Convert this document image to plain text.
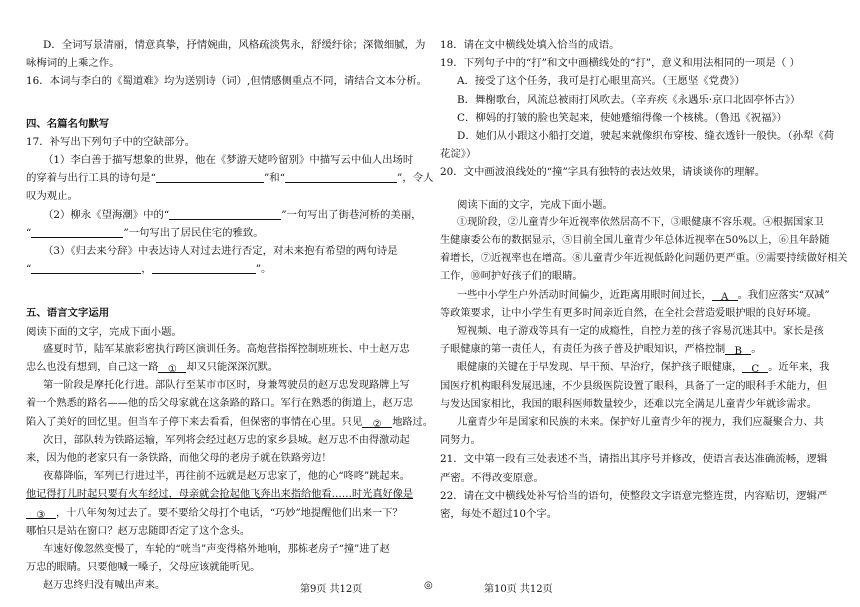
D．全词写景清丽，情意真挚，抒情婉曲，风格疏淡隽永，舒缓纡徐；深微细腻，为
咏梅词的上乘之作。
16．本词与李白的《蜀道难》均为送别诗（词）,但情感侧重点不同，请结合文本分析。
四、名篇名句默写
17．补写出下列句子中的空缺部分。
（1）李白善于描写想象的世界，他在《梦游天姥吟留别》中描写云中仙人出场时
的穿着与出行工具的诗句是“	”和“	”，令人
叹为观止。
（2）柳永《望海潮》中的“	”一句写出了街巷河桥的美丽，
“	”一句写出了居民住宅的雅致。
（3）《归去来兮辞》中表达诗人对过去进行否定，对未来抱有希望的两句诗是
“	，	”。
五、语言文字运用
阅读下面的文字，完成下面小题。
盛夏时节，陆军某旅彩密执行跨区演训任务。高炮营指挥控制班班长、中士赵万忠
忠么也没有想到，自己这一路 ① 却又只能深深沉默。
第一阶段是摩托化行进。部队行至某市市区时，身兼驾驶员的赵万忠发现路牌上写
着一个熟悉的路名——他的岳父母家就在这条路的路口。军行在熟悉的街道上，赵万忠
陷入了美好的回忆里。但当车子停下来去看看，但保密的事情在心里。只见 ② 地路过。
次日，部队转为铁路运输，军列将会经过赵万忠的家乡县城。赵万忠不由得激动起
来，因为他的老家只有一条铁路，而他父母的老房子就在铁路旁边！
夜幕降临，军列已行进过半，再往前不远就是赵万忠家了，他的心“咚咚”跳起来。
他记得打儿时起只要有火车经过，母亲就会抢起他飞奔出来指给他看……时光真好像是
③ ，十八年匆匆过去了。要不要给父母打个电话，“巧妙”地提醒他们出来一下？
哪怕只是站在窗口？赵万忠随即否定了这个念头。
车速好像忽然变慢了，车轮的“咣当”声变得格外地响，那栋老房子“撞”进了赵
万忠的眼睛。只要他喊一嗓子，父母应该就能听见。
赵万忠终归没有喊出声来。
18．请在文中横线处填入恰当的成语。
19．下列句子中的“打”和文中画横线处的“打”，意义和用法相同的一项是（ ）
A．接受了这个任务，我可是打心眼里高兴。（王愿坚《党费》）
B．舞榭歌台，风流总被雨打风吹去。（辛弃疾《永遇乐·京口北固亭怀古》）
C．柳妈的打皱的脸也笑起来，使她蹙缩得像一个核桃。（鲁迅《祝福》）
D．她们从小跟这小船打交道，驶起来就像织布穿梭、缝衣透针一般快。（孙犁《荷
花淀》）
20．文中画波浪线处的“撞”字具有独特的表达效果，请谈谈你的理解。
阅读下面的文字，完成下面小题。
①现阶段，②儿童青少年近视率依然居高不下，③眼健康不容乐观。④根据国家卫
生健康委公布的数据显示，⑤目前全国儿童青少年总体近视率在50%以上，⑥且年龄随
着增长，⑦近视率也在增高。⑧儿童青少年近视低龄化问题仍更严重。⑨需要持续做好相关
工作，⑩呵护好孩子们的眼睛。
一些中小学生户外活动时间偏少，近距离用眼时间过长， A 。我们应落实“双减”
等政策要求，让中小学生有更多时间亲近自然，在全社会营造爱眼护眼的良好环境。
短视频、电子游戏等具有一定的成瘾性，自控力差的孩子容易沉迷其中。家长是孩
子眼健康的第一责任人，有责任为孩子普及护眼知识，严格控制 B 。
眼健康的关键在于早发现、早干预、早治疗，保护孩子眼健康， C 。近年来，我
国医疗机构眼科发展迅速，不少县级医院设置了眼科，具备了一定的眼科手术能力，但
与发达国家相比，我国的眼科医师数量较少，还难以完全满足儿童青少年就诊需求。
儿童青少年是国家和民族的未来。保护好儿童青少年的视力，我们应凝聚合力、共
同努力。
21．文中第一段有三处表述不当，请指出其序号并修改，使语言表达准确流畅，逻辑
严密。不得改变原意。
22．请在文中横线处补写恰当的语句，使整段文字语意完整连贯，内容贴切，逻辑严
密，每处不超过10个字。
第9页 共12页	◎	第10页 共12页
